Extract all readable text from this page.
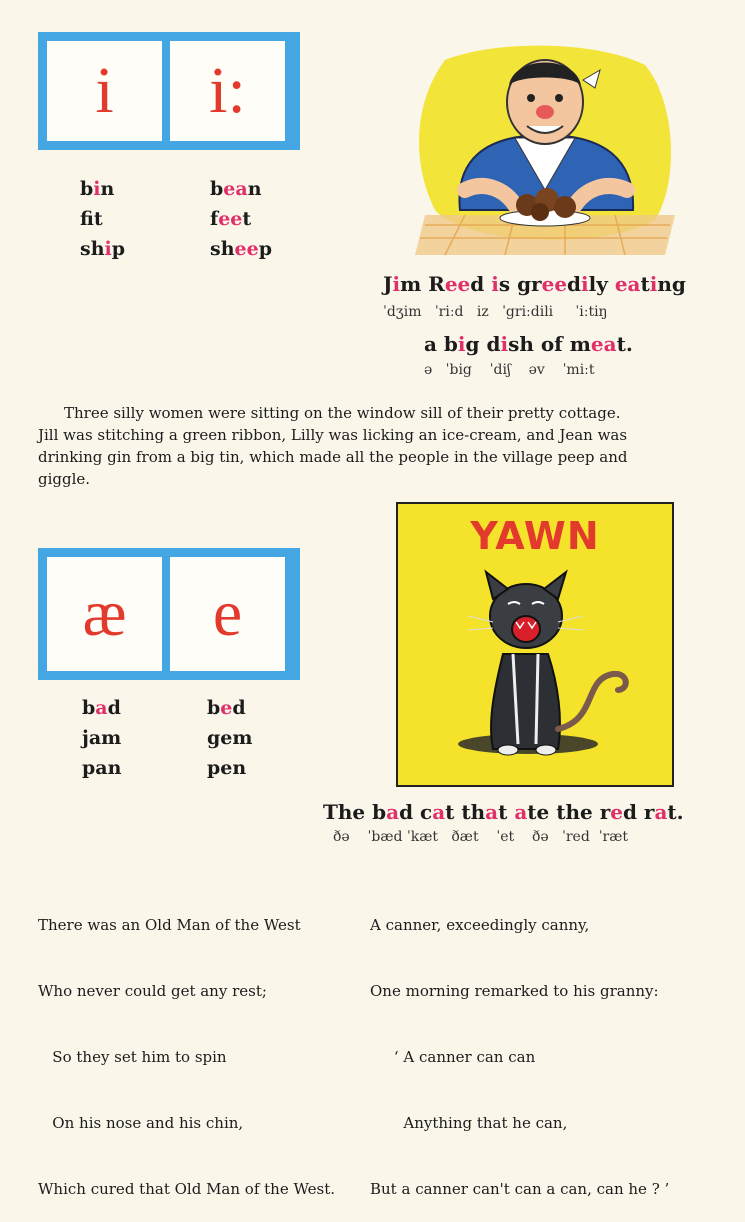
i	i:
bin
ft
ship
bean
feet
sheep
Jim Reed is greedily eating
ˈdʒim   ˈriːd   iz   ˈgriːdili     ˈiːtiŋ
a big dish of meat.
ə   ˈbig    ˈdiʃ    əv    ˈmiːt
Three silly women were sitting on the window sill of their pretty cottage.
Jill was stitching a green ribbon, Lilly was licking an ice-cream, and Jean was
drinking gin from a big tin, which made all the people in the village peep and
giggle.
æ	e
bad
jam
pan
bed
gem
pen
YAWN
The bad cat that ate the red rat.
ðə    ˈbæd ˈkæt   ðæt    ˈet    ðə   ˈred  ˈræt

There was an Old Man of the West

Who never could get any rest;

So they set him to spin

On his nose and his chin,

Which cured that Old Man of the West.

A canner, exceedingly canny,

One morning remarked to his granny:

‘ A canner can can

Anything that he can,

But a canner can't can a can, can he ? ’
